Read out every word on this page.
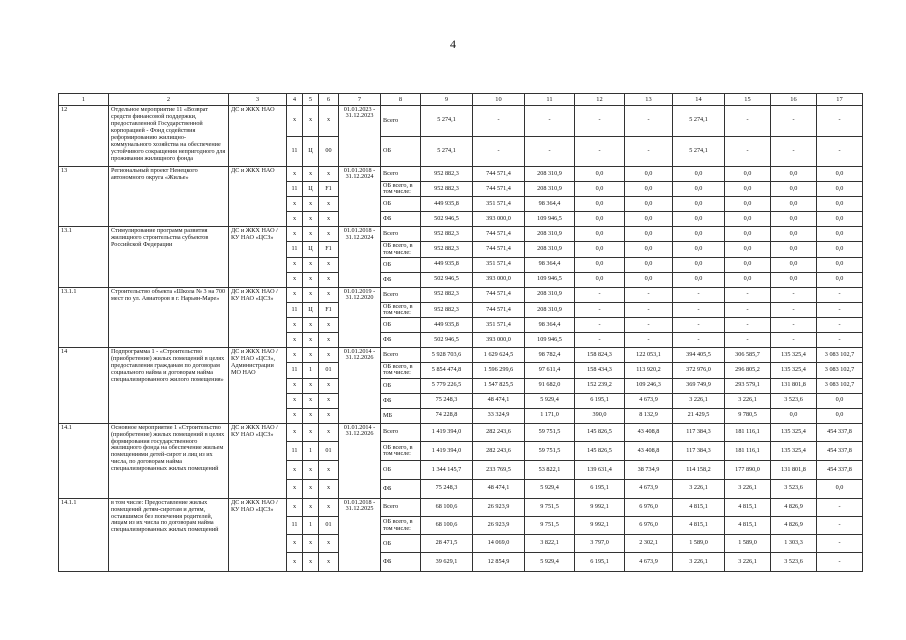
4
1	2	3	4	5	6	7	8	9	10	11	12	13	14	15	16	17
12	Отдельное мероприятие 11 «Возврат средств финансовой поддержки, предоставленной Государственной корпорацией - Фонд содействия реформированию жилищно-коммунального хозяйства на обеспечение устойчивого сокращения непригодного для проживания жилищного фонда	ДС и ЖКХ НАО	х	х	х	01.01.2023 - 31.12.2023	Всего	5 274,1	-	-	-	-	5 274,1	-	-	-
			11	Ц	00		ОБ	5 274,1	-	-	-	-	5 274,1	-	-	-
13	Региональный проект Ненецкого автономного округа «Жилье»	ДС и ЖКХ НАО	х	х	х	01.01.2018 - 31.12.2024	Всего	952 882,3	744 571,4	208 310,9	0,0	0,0	0,0	0,0	0,0	0,0
			11	Ц	F1		ОБ всего, в том числе:	952 882,3	744 571,4	208 310,9	0,0	0,0	0,0	0,0	0,0	0,0
			х	х	х		ОБ	449 935,8	351 571,4	98 364,4	0,0	0,0	0,0	0,0	0,0	0,0
			х	х	х		ФБ	502 946,5	393 000,0	109 946,5	0,0	0,0	0,0	0,0	0,0	0,0
13.1	Стимулирование программ развития жилищного строительства субъектов Российской Федерации	ДС и ЖКХ НАО / КУ НАО «ЦСЗ»	х	х	х	01.01.2018 - 31.12.2024	Всего	952 882,3	744 571,4	208 310,9	0,0	0,0	0,0	0,0	0,0	0,0
			11	Ц	F1		ОБ всего, в том числе:	952 882,3	744 571,4	208 310,9	0,0	0,0	0,0	0,0	0,0	0,0
			х	х	х		ОБ	449 935,8	351 571,4	98 364,4	0,0	0,0	0,0	0,0	0,0	0,0
			х	х	х		ФБ	502 946,5	393 000,0	109 946,5	0,0	0,0	0,0	0,0	0,0	0,0
13.1.1	Строительство объекта «Школа № 3 на 700 мест по ул. Авиаторов в г. Нарьян-Маре»	ДС и ЖКХ НАО / КУ НАО «ЦСЗ»	х	х	х	01.01.2019 - 31.12.2020	Всего	952 882,3	744 571,4	208 310,9	-	-	-	-	-	-
			11	Ц	F1		ОБ всего, в том числе:	952 882,3	744 571,4	208 310,9	-	-	-	-	-	-
			х	х	х		ОБ	449 935,8	351 571,4	98 364,4	-	-	-	-	-	-
			х	х	х		ФБ	502 946,5	393 000,0	109 946,5	-	-	-	-	-	-
14	Подпрограмма 1 - «Строительство (приобретение) жилых помещений в целях предоставления гражданам по договорам социального найма и договорам найма специализированного жилого помещения»	ДС и ЖКХ НАО / КУ НАО «ЦСЗ», Администрации МО НАО	х	х	х	01.01.2014 - 31.12.2026	Всего	5 928 703,6	1 629 624,5	98 782,4	158 824,3	122 053,1	394 405,5	306 585,7	135 325,4	3 083 102,7
			11	1	01		ОБ всего, в том числе:	5 854 474,8	1 596 299,6	97 611,4	158 434,3	113 920,2	372 976,0	296 805,2	135 325,4	3 083 102,7
			х	х	х		ОБ	5 779 226,5	1 547 825,5	91 682,0	152 239,2	109 246,3	369 749,9	293 579,1	131 801,8	3 083 102,7
			х	х	х		ФБ	75 248,3	48 474,1	5 929,4	6 195,1	4 673,9	3 226,1	3 226,1	3 523,6	0,0
			х	х	х		МБ	74 228,8	33 324,9	1 171,0	390,0	8 132,9	21 429,5	9 780,5	0,0	0,0
14.1	Основное мероприятие 1 «Строительство (приобретение) жилых помещений в целях формирования государственного жилищного фонда на обеспечение жильем помещениями детей-сирот и лиц из их числа, по договорам найма специализированных жилых помещений	ДС и ЖКХ НАО / КУ НАО «ЦСЗ»	х	х	х	01.01.2014 - 31.12.2026	Всего	1 419 394,0	282 243,6	59 751,5	145 826,5	43 408,8	117 384,3	181 116,1	135 325,4	454 337,8
			11	1	01		ОБ всего, в том числе:	1 419 394,0	282 243,6	59 751,5	145 826,5	43 408,8	117 384,3	181 116,1	135 325,4	454 337,8
			х	х	х		ОБ	1 344 145,7	233 769,5	53 822,1	139 631,4	38 734,9	114 158,2	177 890,0	131 801,8	454 337,8
			х	х	х		ФБ	75 248,3	48 474,1	5 929,4	6 195,1	4 673,9	3 226,1	3 226,1	3 523,6	0,0
14.1.1	в том числе: Предоставление жилых помещений детям-сиротам и детям, оставшимся без попечения родителей, лицам из их числа по договорам найма специализированных жилых помещений	ДС и ЖКХ НАО / КУ НАО «ЦСЗ»	х	х	х	01.01.2018 - 31.12.2025	Всего	68 100,6	26 923,9	9 751,5	9 992,1	6 976,0	4 815,1	4 815,1	4 826,9	-
			11	1	01		ОБ всего, в том числе:	68 100,6	26 923,9	9 751,5	9 992,1	6 976,0	4 815,1	4 815,1	4 826,9	-
			х	х	х		ОБ	28 471,5	14 069,0	3 822,1	3 797,0	2 302,1	1 589,0	1 589,0	1 303,3	-
			х	х	х		ФБ	39 629,1	12 854,9	5 929,4	6 195,1	4 673,9	3 226,1	3 226,1	3 523,6	-
